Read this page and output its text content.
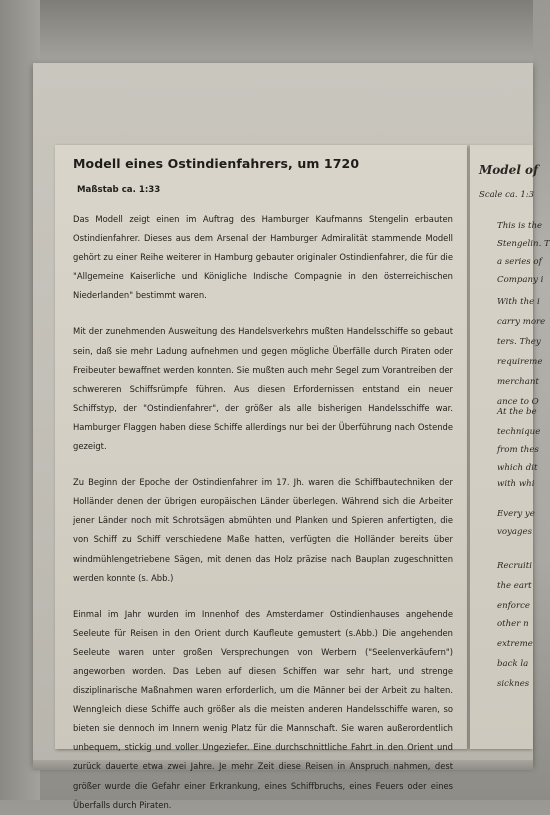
Modell eines Ostindienfahrers, um 1720

Maßstab ca. 1:33

Das Modell zeigt einen im Auftrag des Hamburger Kaufmanns Stengelin erbauten Ostindienfahrer. Dieses aus dem Arsenal der Hamburger Admiralität stammende Modell gehört zu einer Reihe weiterer in Hamburg gebauter originaler Ostindienfahrer, die für die "Allgemeine Kaiserliche und Königliche Indische Compagnie in den österreichischen Niederlanden" bestimmt waren.

Mit der zunehmenden Ausweitung des Handelsverkehrs mußten Handelsschiffe so gebaut sein, daß sie mehr Ladung aufnehmen und gegen mögliche Überfälle durch Piraten oder Freibeuter bewaffnet werden konnten. Sie mußten auch mehr Segel zum Vorantreiben der schwereren Schiffsrümpfe führen. Aus diesen Erfordernissen entstand ein neuer Schiffstyp, der "Ostindienfahrer", der größer als alle bisherigen Handelsschiffe war. Hamburger Flaggen haben diese Schiffe allerdings nur bei der Überführung nach Ostende gezeigt.

Zu Beginn der Epoche der Ostindienfahrer im 17. Jh. waren die Schiffbautechniken der Holländer denen der übrigen europäischen Länder überlegen. Während sich die Arbeiter jener Länder noch mit Schrotsägen abmühten und Planken und Spieren anfertigten, die von Schiff zu Schiff verschiedene Maße hatten, verfügten die Holländer bereits über windmühlengetriebene Sägen, mit denen das Holz präzise nach Bauplan zugeschnitten werden konnte (s. Abb.)

Einmal im Jahr wurden im Innenhof des Amsterdamer Ostindienhauses angehende Seeleute für Reisen in den Orient durch Kaufleute gemustert (s.Abb.) Die angehenden Seeleute waren unter großen Versprechungen von Werbern ("Seelenverkäufern") angeworben worden. Das Leben auf diesen Schiffen war sehr hart, und strenge disziplinarische Maßnahmen waren erforderlich, um die Männer bei der Arbeit zu halten. Wenngleich diese Schiffe auch größer als die meisten anderen Handelsschiffe waren, so bieten sie dennoch im Innern wenig Platz für die Mannschaft. Sie waren außerordentlich unbequem, stickig und voller Ungeziefer. Eine durchschnittliche Fahrt in den Orient und zurück dauerte etwa zwei Jahre. Je mehr Zeit diese Reisen in Anspruch nahmen, dest größer wurde die Gefahr einer Erkrankung, eines Schiffbruchs, eines Feuers oder eines Überfalls durch Piraten.

Model of
Scale ca. 1:3
This is the
Stengelin. T
a series of
Company i
With the i
carry more
ters. They
requireme
merchant
ance to O
At the be
technique
from thes
which dit
with whi
Every ye
voyages
Recruiti
the eart
enforce
other n
extreme
back la
sicknes
